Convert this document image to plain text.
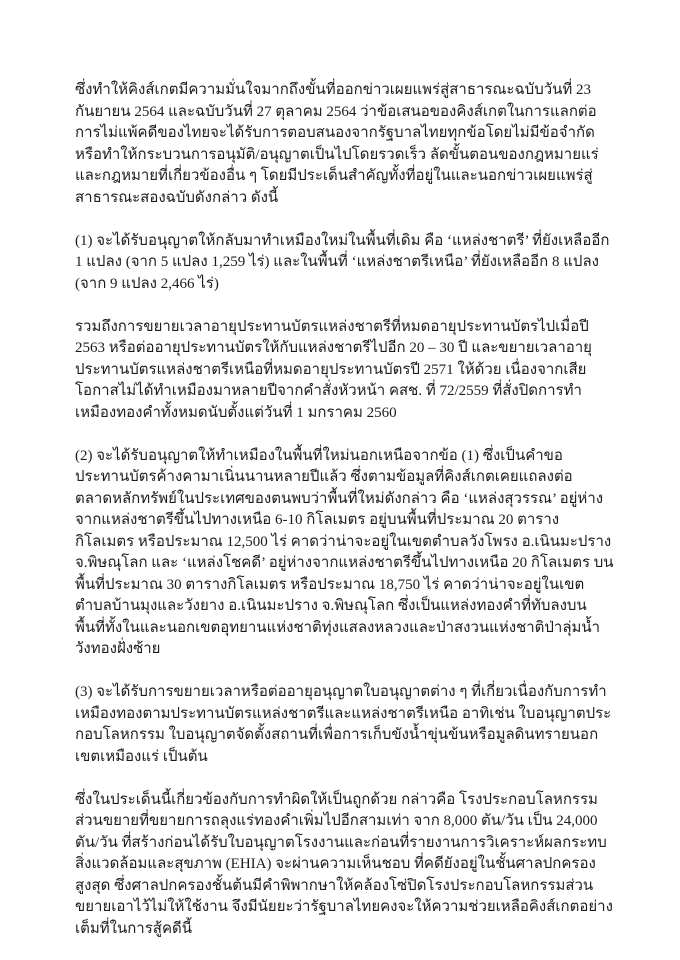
ซึ่งทำให้คิงส์เกตมีความมั่นใจมากถึงขั้นที่ออกข่าวเผยแพร่สู่สาธารณะฉบับวันที่ 23 กันยายน 2564 และฉบับวันที่ 27 ตุลาคม 2564 ว่าข้อเสนอของคิงส์เกตในการแลกต่อการไม่แพ้คดีของไทยจะได้รับการตอบสนองจากรัฐบาลไทยทุกข้อโดยไม่มีข้อจำกัด หรือทำให้กระบวนการอนุมัติ/อนุญาตเป็นไปโดยรวดเร็ว ลัดขั้นตอนของกฎหมายแร่และกฎหมายที่เกี่ยวข้องอื่น ๆ โดยมีประเด็นสำคัญทั้งที่อยู่ในและนอกข่าวเผยแพร่สู่สาธารณะสองฉบับดังกล่าว ดังนี้

(1) จะได้รับอนุญาตให้กลับมาทำเหมืองใหม่ในพื้นที่เดิม คือ ‘แหล่งชาตรี’ ที่ยังเหลืออีก 1 แปลง (จาก 5 แปลง 1,259 ไร่) และในพื้นที่ ‘แหล่งชาตรีเหนือ’ ที่ยังเหลืออีก 8 แปลง (จาก 9 แปลง 2,466 ไร่)

รวมถึงการขยายเวลาอายุประทานบัตรแหล่งชาตรีที่หมดอายุประทานบัตรไปเมื่อปี 2563 หรือต่ออายุประทานบัตรให้กับแหล่งชาตรีไปอีก 20 – 30 ปี และขยายเวลาอายุประทานบัตรแหล่งชาตรีเหนือที่หมดอายุประทานบัตรปี 2571 ให้ด้วย เนื่องจากเสียโอกาสไม่ได้ทำเหมืองมาหลายปีจากคำสั่งหัวหน้า คสช. ที่ 72/2559 ที่สั่งปิดการทำเหมืองทองคำทั้งหมดนับตั้งแต่วันที่ 1 มกราคม 2560

(2) จะได้รับอนุญาตให้ทำเหมืองในพื้นที่ใหม่นอกเหนือจากข้อ (1) ซึ่งเป็นคำขอประทานบัตรค้างคามาเนิ่นนานหลายปีแล้ว ซึ่งตามข้อมูลที่คิงส์เกตเคยแถลงต่อตลาดหลักทรัพย์ในประเทศของตนพบว่าพื้นที่ใหม่ดังกล่าว คือ ‘แหล่งสุวรรณ’ อยู่ห่างจากแหล่งชาตรีขึ้นไปทางเหนือ 6-10 กิโลเมตร อยู่บนพื้นที่ประมาณ 20 ตารางกิโลเมตร หรือประมาณ 12,500 ไร่ คาดว่าน่าจะอยู่ในเขตตำบลวังโพรง อ.เนินมะปราง จ.พิษณุโลก และ ‘แหล่งโชคดี’ อยู่ห่างจากแหล่งชาตรีขึ้นไปทางเหนือ 20 กิโลเมตร บนพื้นที่ประมาณ 30 ตารางกิโลเมตร หรือประมาณ 18,750 ไร่ คาดว่าน่าจะอยู่ในเขตตำบลบ้านมุงและวังยาง อ.เนินมะปราง จ.พิษณุโลก ซึ่งเป็นแหล่งทองคำที่ทับลงบนพื้นที่ทั้งในและนอกเขตอุทยานแห่งชาติทุ่งแสลงหลวงและป่าสงวนแห่งชาติป่าลุ่มน้ำวังทองฝั่งซ้าย

(3) จะได้รับการขยายเวลาหรือต่ออายุอนุญาตใบอนุญาตต่าง ๆ ที่เกี่ยวเนื่องกับการทำเหมืองทองตามประทานบัตรแหล่งชาตรีและแหล่งชาตรีเหนือ อาทิเช่น ใบอนุญาตประกอบโลหกรรม ใบอนุญาตจัดตั้งสถานที่เพื่อการเก็บขังน้ำขุ่นข้นหรือมูลดินทรายนอกเขตเหมืองแร่ เป็นต้น

ซึ่งในประเด็นนี้เกี่ยวข้องกับการทำผิดให้เป็นถูกด้วย กล่าวคือ โรงประกอบโลหกรรมส่วนขยายที่ขยายการถลุงแร่ทองคำเพิ่มไปอีกสามเท่า จาก 8,000 ตัน/วัน เป็น 24,000 ตัน/วัน ที่สร้างก่อนได้รับใบอนุญาตโรงงานและก่อนที่รายงานการวิเคราะห์ผลกระทบสิ่งแวดล้อมและสุขภาพ (EHIA) จะผ่านความเห็นชอบ ที่คดียังอยู่ในชั้นศาลปกครองสูงสุด ซึ่งศาลปกครองชั้นต้นมีคำพิพากษาให้คล้องโซ่ปิดโรงประกอบโลหกรรมส่วนขยายเอาไว้ไม่ให้ใช้งาน จึงมีนัยยะว่ารัฐบาลไทยคงจะให้ความช่วยเหลือคิงส์เกตอย่างเต็มที่ในการสู้คดีนี้
